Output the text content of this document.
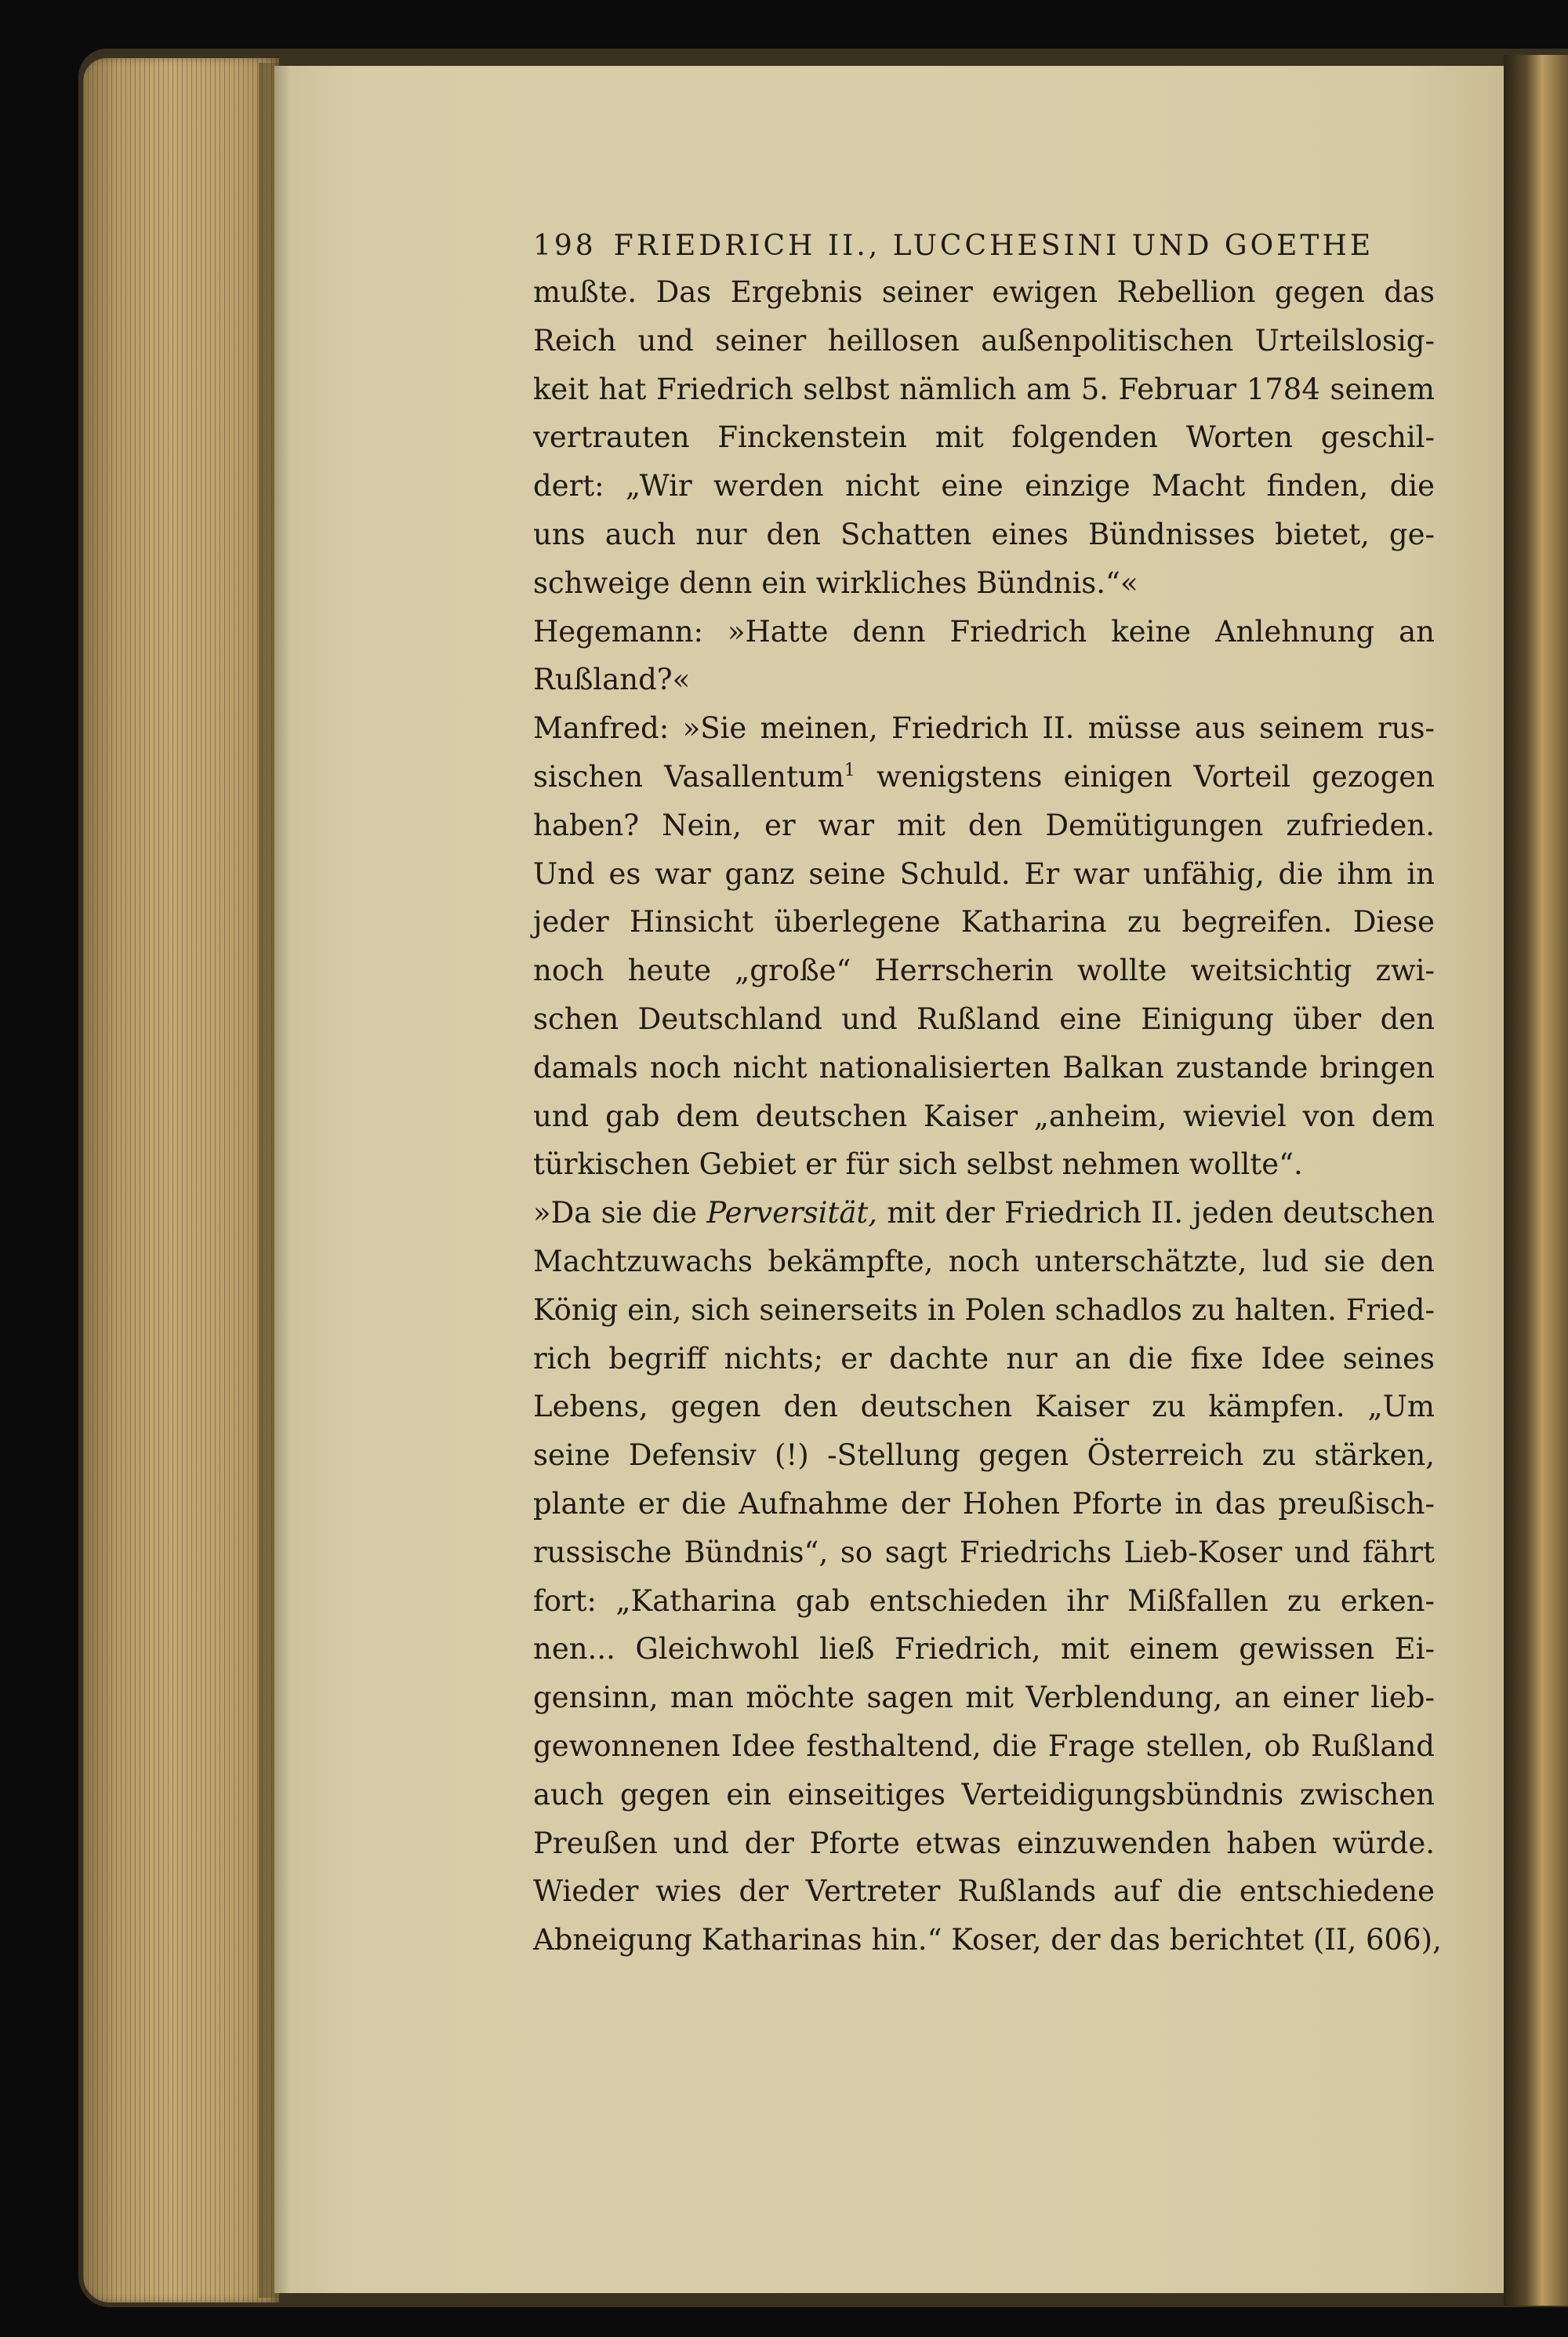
198 FRIEDRICH II., LUCCHESINI UND GOETHE
mußte. Das Ergebnis seiner ewigen Rebellion gegen das
Reich und seiner heillosen außenpolitischen Urteilslosig-
keit hat Friedrich selbst nämlich am 5. Februar 1784 seinem
vertrauten Finckenstein mit folgenden Worten geschil-
dert: „Wir werden nicht eine einzige Macht finden, die
uns auch nur den Schatten eines Bündnisses bietet, ge-
schweige denn ein wirkliches Bündnis.“«
Hegemann: »Hatte denn Friedrich keine Anlehnung an
Rußland?«
Manfred: »Sie meinen, Friedrich II. müsse aus seinem rus-
sischen Vasallentum$^1$ wenigstens einigen Vorteil gezogen
haben? Nein, er war mit den Demütigungen zufrieden.
Und es war ganz seine Schuld. Er war unfähig, die ihm in
jeder Hinsicht überlegene Katharina zu begreifen. Diese
noch heute „große“ Herrscherin wollte weitsichtig zwi-
schen Deutschland und Rußland eine Einigung über den
damals noch nicht nationalisierten Balkan zustande bringen
und gab dem deutschen Kaiser „anheim, wieviel von dem
türkischen Gebiet er für sich selbst nehmen wollte“.
»Da sie die Perversität, mit der Friedrich II. jeden deutschen
Machtzuwachs bekämpfte, noch unterschätzte, lud sie den
König ein, sich seinerseits in Polen schadlos zu halten. Fried-
rich begriff nichts; er dachte nur an die fixe Idee seines
Lebens, gegen den deutschen Kaiser zu kämpfen. „Um
seine Defensiv (!) -Stellung gegen Österreich zu stärken,
plante er die Aufnahme der Hohen Pforte in das preußisch-
russische Bündnis“, so sagt Friedrichs Lieb-Koser und fährt
fort: „Katharina gab entschieden ihr Mißfallen zu erken-
nen... Gleichwohl ließ Friedrich, mit einem gewissen Ei-
gensinn, man möchte sagen mit Verblendung, an einer lieb-
gewonnenen Idee festhaltend, die Frage stellen, ob Rußland
auch gegen ein einseitiges Verteidigungsbündnis zwischen
Preußen und der Pforte etwas einzuwenden haben würde.
Wieder wies der Vertreter Rußlands auf die entschiedene
Abneigung Katharinas hin.“ Koser, der das berichtet (II, 606),
